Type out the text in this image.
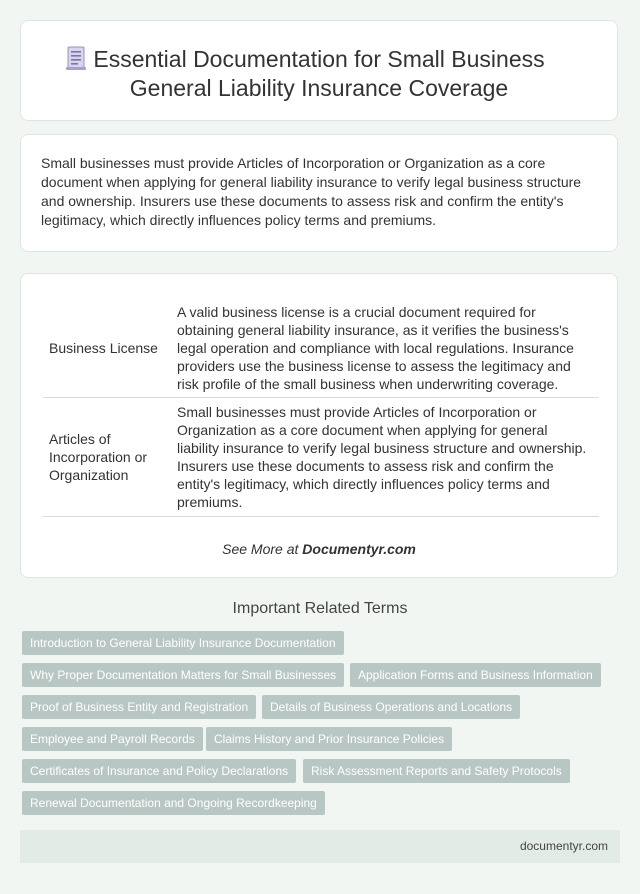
Essential Documentation for Small Business
General Liability Insurance Coverage
Small businesses must provide Articles of Incorporation or Organization as a core document when applying for general liability insurance to verify legal business structure and ownership. Insurers use these documents to assess risk and confirm the entity's legitimacy, which directly influences policy terms and premiums.
Business License	A valid business license is a crucial document required for obtaining general liability insurance, as it verifies the business's legal operation and compliance with local regulations. Insurance providers use the business license to assess the legitimacy and risk profile of the small business when underwriting coverage.
Articles of Incorporation or Organization	Small businesses must provide Articles of Incorporation or Organization as a core document when applying for general liability insurance to verify legal business structure and ownership. Insurers use these documents to assess risk and confirm the entity's legitimacy, which directly influences policy terms and premiums.
See More at Documentyr.com
Important Related Terms
Introduction to General Liability Insurance Documentation
Why Proper Documentation Matters for Small Businesses	Application Forms and Business Information
Proof of Business Entity and Registration	Details of Business Operations and Locations
Employee and Payroll Records	Claims History and Prior Insurance Policies
Certificates of Insurance and Policy Declarations	Risk Assessment Reports and Safety Protocols
Renewal Documentation and Ongoing Recordkeeping
documentyr.com
